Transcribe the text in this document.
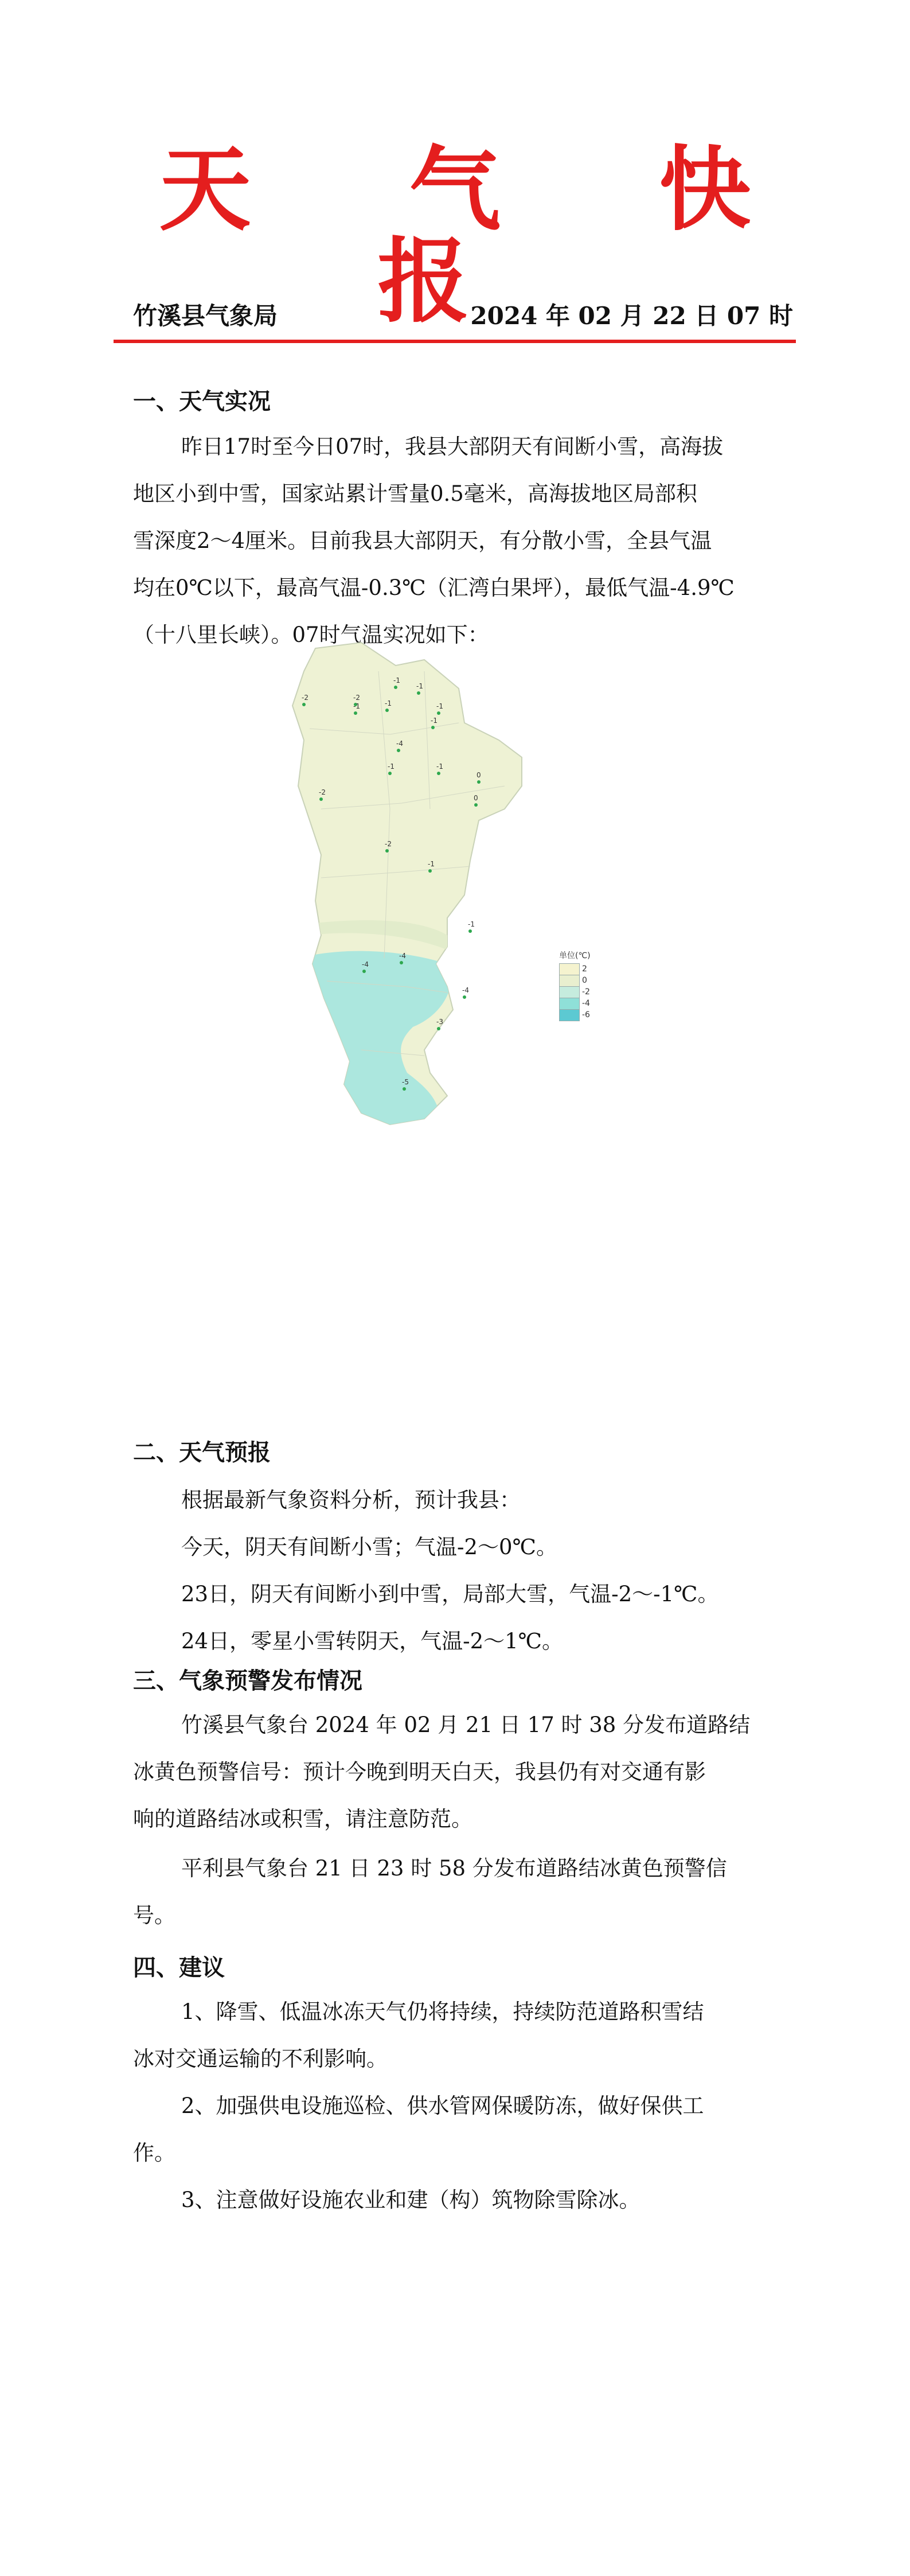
天 气 快 报
竹溪县气象局	2024 年 02 月 22 日 07 时
一、天气实况
昨日17时至今日07时，我县大部阴天有间断小雪，高海拔
地区小到中雪，国家站累计雪量0.5毫米，高海拔地区局部积
雪深度2～4厘米。目前我县大部阴天，有分散小雪，全县气温
均在0℃以下，最高气温-0.3℃（汇湾白果坪），最低气温-4.9℃
（十八里长峡）。07时气温实况如下：
-2	-2
-1
-1
-1	-1	-1
-1
-4
-1	-1
0
0
-2
-2
-1
-4
-4
-1
-4
-3
-5
单位(℃)
2
0
-2
-4
-6
二、天气预报
根据最新气象资料分析，预计我县：
今天，阴天有间断小雪；气温-2～0℃。
23日，阴天有间断小到中雪，局部大雪，气温-2～-1℃。
24日，零星小雪转阴天，气温-2～1℃。
三、气象预警发布情况
竹溪县气象台 2024 年 02 月 21 日 17 时 38 分发布道路结
冰黄色预警信号：预计今晚到明天白天，我县仍有对交通有影
响的道路结冰或积雪，请注意防范。
平利县气象台 21 日 23 时 58 分发布道路结冰黄色预警信
号。
四、建议
1、降雪、低温冰冻天气仍将持续，持续防范道路积雪结
冰对交通运输的不利影响。
2、加强供电设施巡检、供水管网保暖防冻，做好保供工
作。
3、注意做好设施农业和建（构）筑物除雪除冰。
